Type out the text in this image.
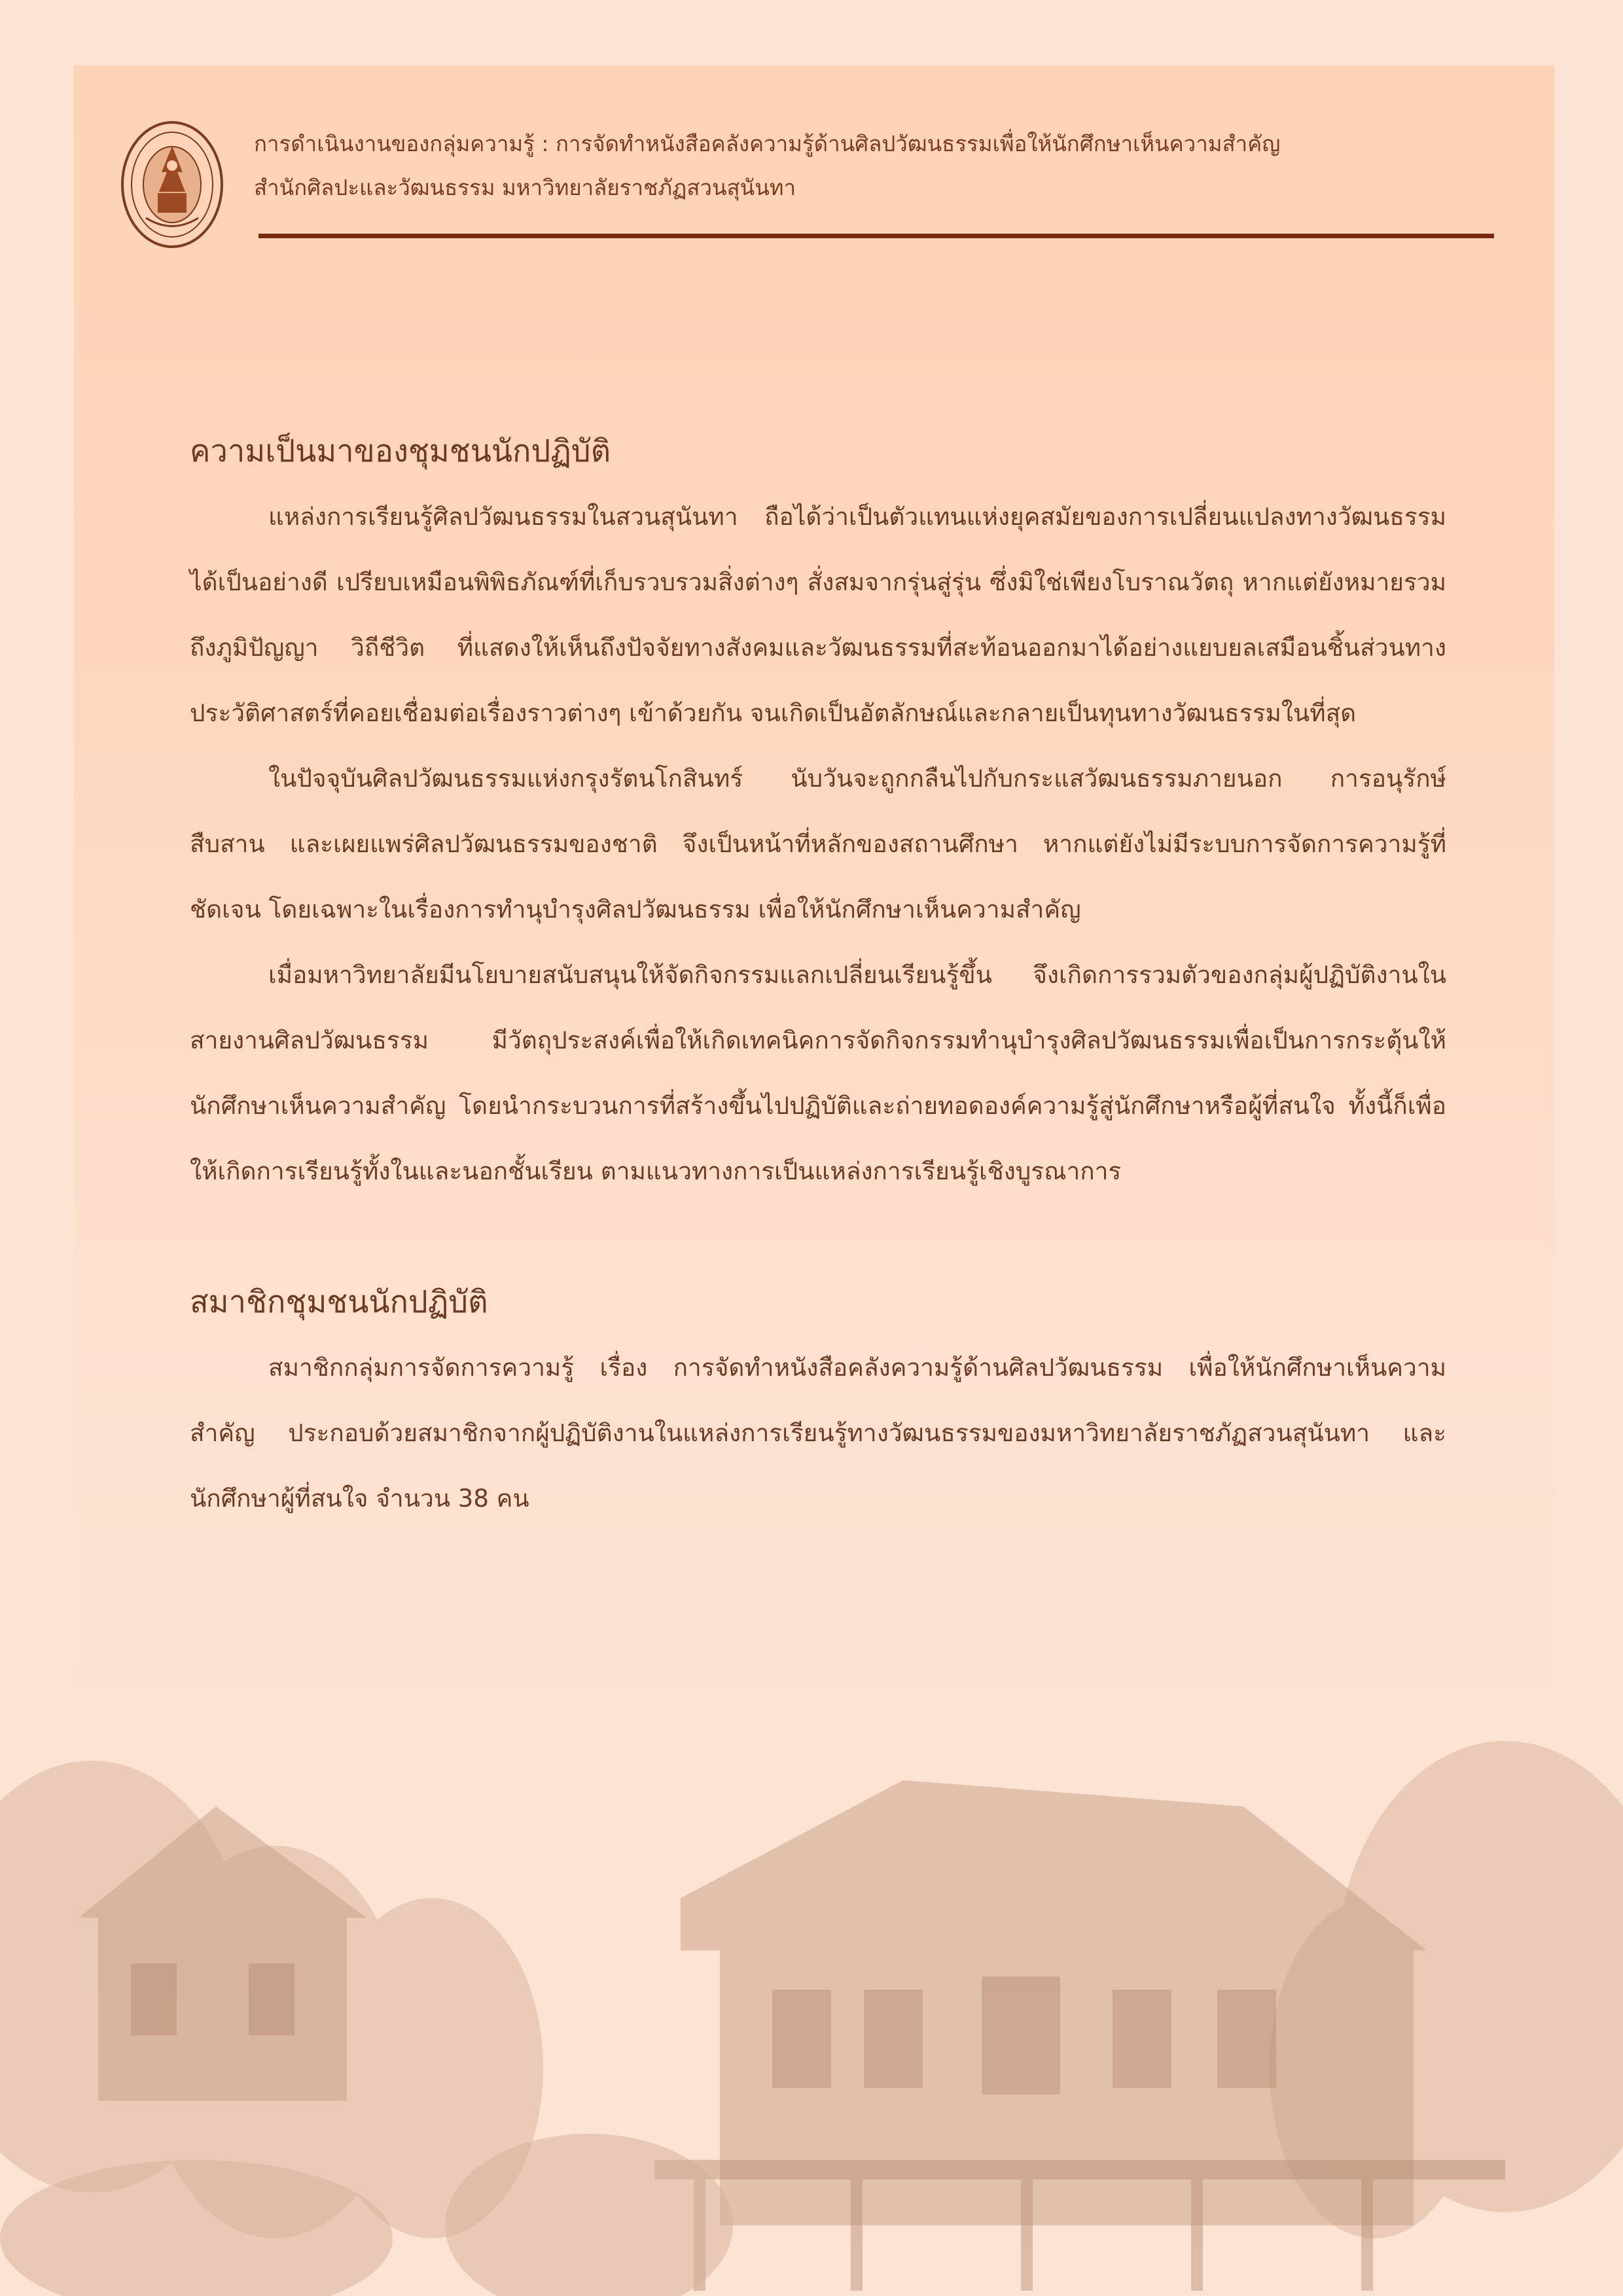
การดำเนินงานของกลุ่มความรู้ : การจัดทำหนังสือคลังความรู้ด้านศิลปวัฒนธรรมเพื่อให้นักศึกษาเห็นความสำคัญ
สำนักศิลปะและวัฒนธรรม มหาวิทยาลัยราชภัฏสวนสุนันทา
ความเป็นมาของชุมชนนักปฏิบัติ

แหล่งการเรียนรู้ศิลปวัฒนธรรมในสวนสุนันทา ถือได้ว่าเป็นตัวแทนแห่งยุคสมัยของการเปลี่ยนแปลงทางวัฒนธรรมได้เป็นอย่างดี เปรียบเหมือนพิพิธภัณฑ์ที่เก็บรวบรวมสิ่งต่างๆ สั่งสมจากรุ่นสู่รุ่น ซึ่งมิใช่เพียงโบราณวัตถุ หากแต่ยังหมายรวมถึงภูมิปัญญา วิถีชีวิต ที่แสดงให้เห็นถึงปัจจัยทางสังคมและวัฒนธรรมที่สะท้อนออกมาได้อย่างแยบยลเสมือนชิ้นส่วนทางประวัติศาสตร์ที่คอยเชื่อมต่อเรื่องราวต่างๆ เข้าด้วยกัน จนเกิดเป็นอัตลักษณ์และกลายเป็นทุนทางวัฒนธรรมในที่สุด

ในปัจจุบันศิลปวัฒนธรรมแห่งกรุงรัตนโกสินทร์ นับวันจะถูกกลืนไปกับกระแสวัฒนธรรมภายนอก การอนุรักษ์ สืบสาน และเผยแพร่ศิลปวัฒนธรรมของชาติ จึงเป็นหน้าที่หลักของสถานศึกษา หากแต่ยังไม่มีระบบการจัดการความรู้ที่ชัดเจน โดยเฉพาะในเรื่องการทำนุบำรุงศิลปวัฒนธรรม เพื่อให้นักศึกษาเห็นความสำคัญ

เมื่อมหาวิทยาลัยมีนโยบายสนับสนุนให้จัดกิจกรรมแลกเปลี่ยนเรียนรู้ขึ้น จึงเกิดการรวมตัวของกลุ่มผู้ปฏิบัติงานในสายงานศิลปวัฒนธรรม มีวัตถุประสงค์เพื่อให้เกิดเทคนิคการจัดกิจกรรมทำนุบำรุงศิลปวัฒนธรรมเพื่อเป็นการกระตุ้นให้นักศึกษาเห็นความสำคัญ โดยนำกระบวนการที่สร้างขึ้นไปปฏิบัติและถ่ายทอดองค์ความรู้สู่นักศึกษาหรือผู้ที่สนใจ ทั้งนี้ก็เพื่อให้เกิดการเรียนรู้ทั้งในและนอกชั้นเรียน ตามแนวทางการเป็นแหล่งการเรียนรู้เชิงบูรณาการ

สมาชิกชุมชนนักปฏิบัติ

สมาชิกกลุ่มการจัดการความรู้ เรื่อง การจัดทำหนังสือคลังความรู้ด้านศิลปวัฒนธรรม เพื่อให้นักศึกษาเห็นความสำคัญ ประกอบด้วยสมาชิกจากผู้ปฏิบัติงานในแหล่งการเรียนรู้ทางวัฒนธรรมของมหาวิทยาลัยราชภัฏสวนสุนันทา และนักศึกษาผู้ที่สนใจ จำนวน 38 คน
